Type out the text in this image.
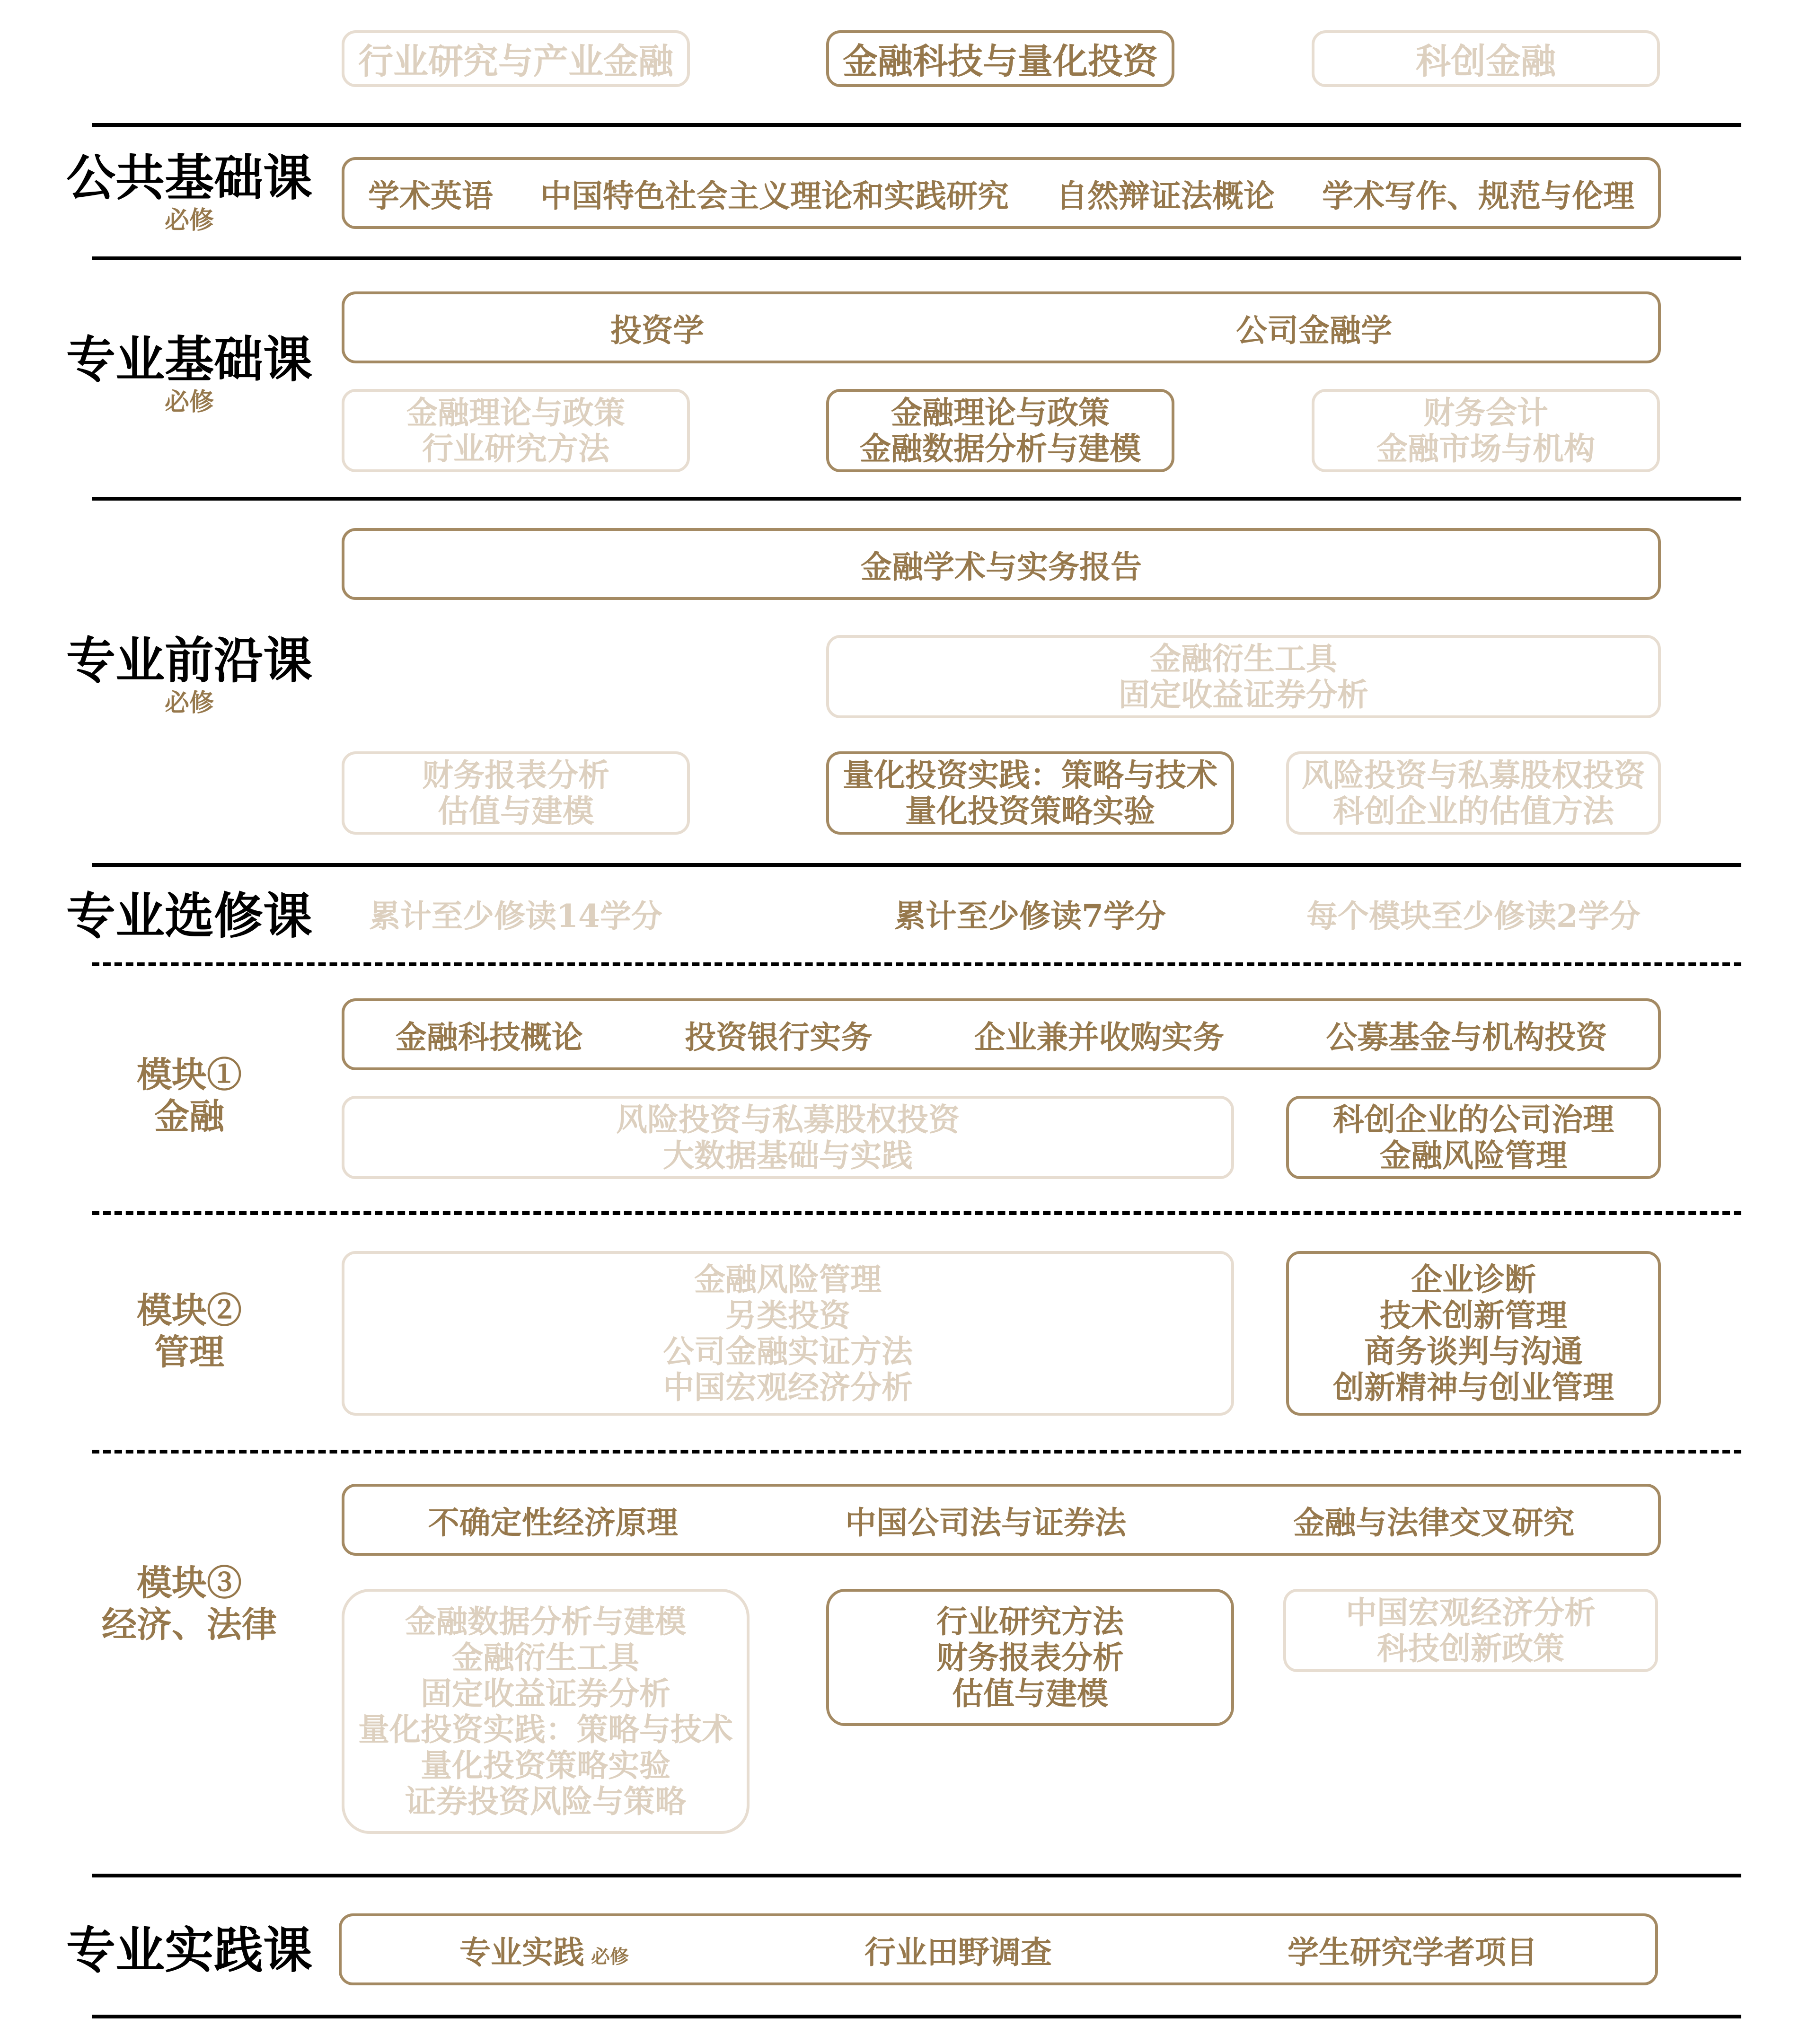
行业研究与产业金融	金融科技与量化投资	科创金融
公共基础课
必修
学术英语 中国特色社会主义理论和实践研究 自然辩证法概论 学术写作、规范与伦理
专业基础课
必修
投资学	公司金融学
金融理论与政策
行业研究方法
金融理论与政策
金融数据分析与建模
财务会计
金融市场与机构
专业前沿课
必修
金融学术与实务报告
金融衍生工具
固定收益证券分析
财务报表分析
估值与建模
量化投资实践：策略与技术
量化投资策略实验
风险投资与私募股权投资
科创企业的估值方法
专业选修课	累计至少修读14学分	累计至少修读7学分	每个模块至少修读2学分
模块①
金融
金融科技概论	投资银行实务	企业兼并收购实务	公募基金与机构投资
风险投资与私募股权投资
大数据基础与实践
科创企业的公司治理
金融风险管理
模块②
管理
金融风险管理
另类投资
公司金融实证方法
中国宏观经济分析
企业诊断
技术创新管理
商务谈判与沟通
创新精神与创业管理
模块③
经济、法律
不确定性经济原理	中国公司法与证券法	金融与法律交叉研究
金融数据分析与建模
金融衍生工具
固定收益证券分析
量化投资实践：策略与技术
量化投资策略实验
证券投资风险与策略
行业研究方法
财务报表分析
估值与建模
中国宏观经济分析
科技创新政策
专业实践课	专业实践 必修	行业田野调查	学生研究学者项目
